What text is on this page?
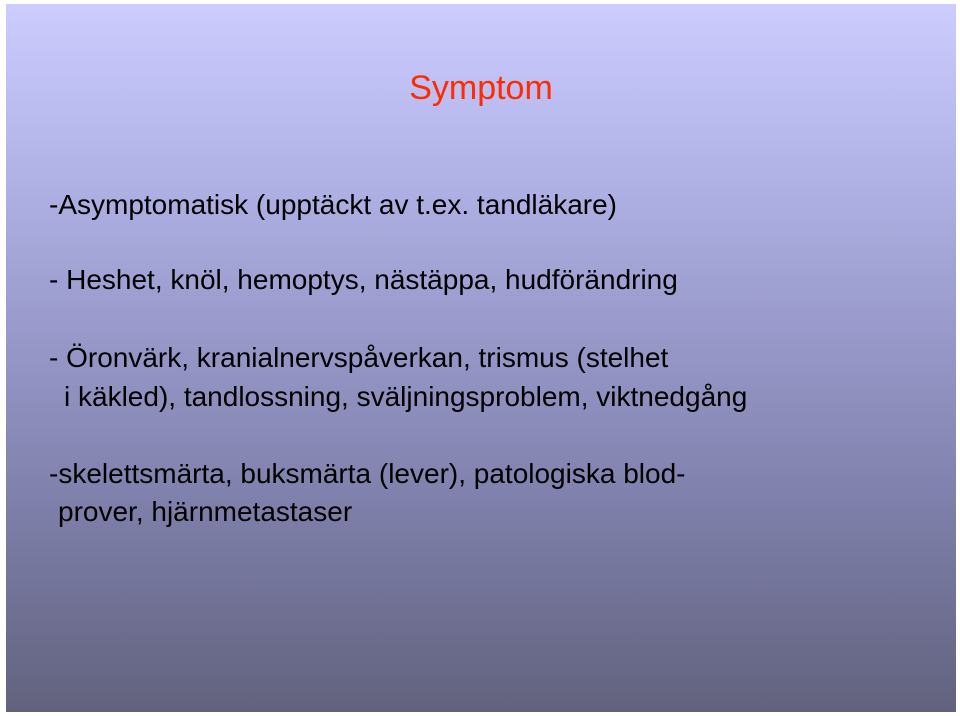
Symptom
-Asymptomatisk (upptäckt av t.ex. tandläkare)
- Heshet, knöl, hemoptys, nästäppa, hudförändring
- Öronvärk, kranialnervspåverkan, trismus (stelhet
i käkled), tandlossning, sväljningsproblem, viktnedgång
-skelettsmärta, buksmärta (lever), patologiska blod-
prover, hjärnmetastaser
